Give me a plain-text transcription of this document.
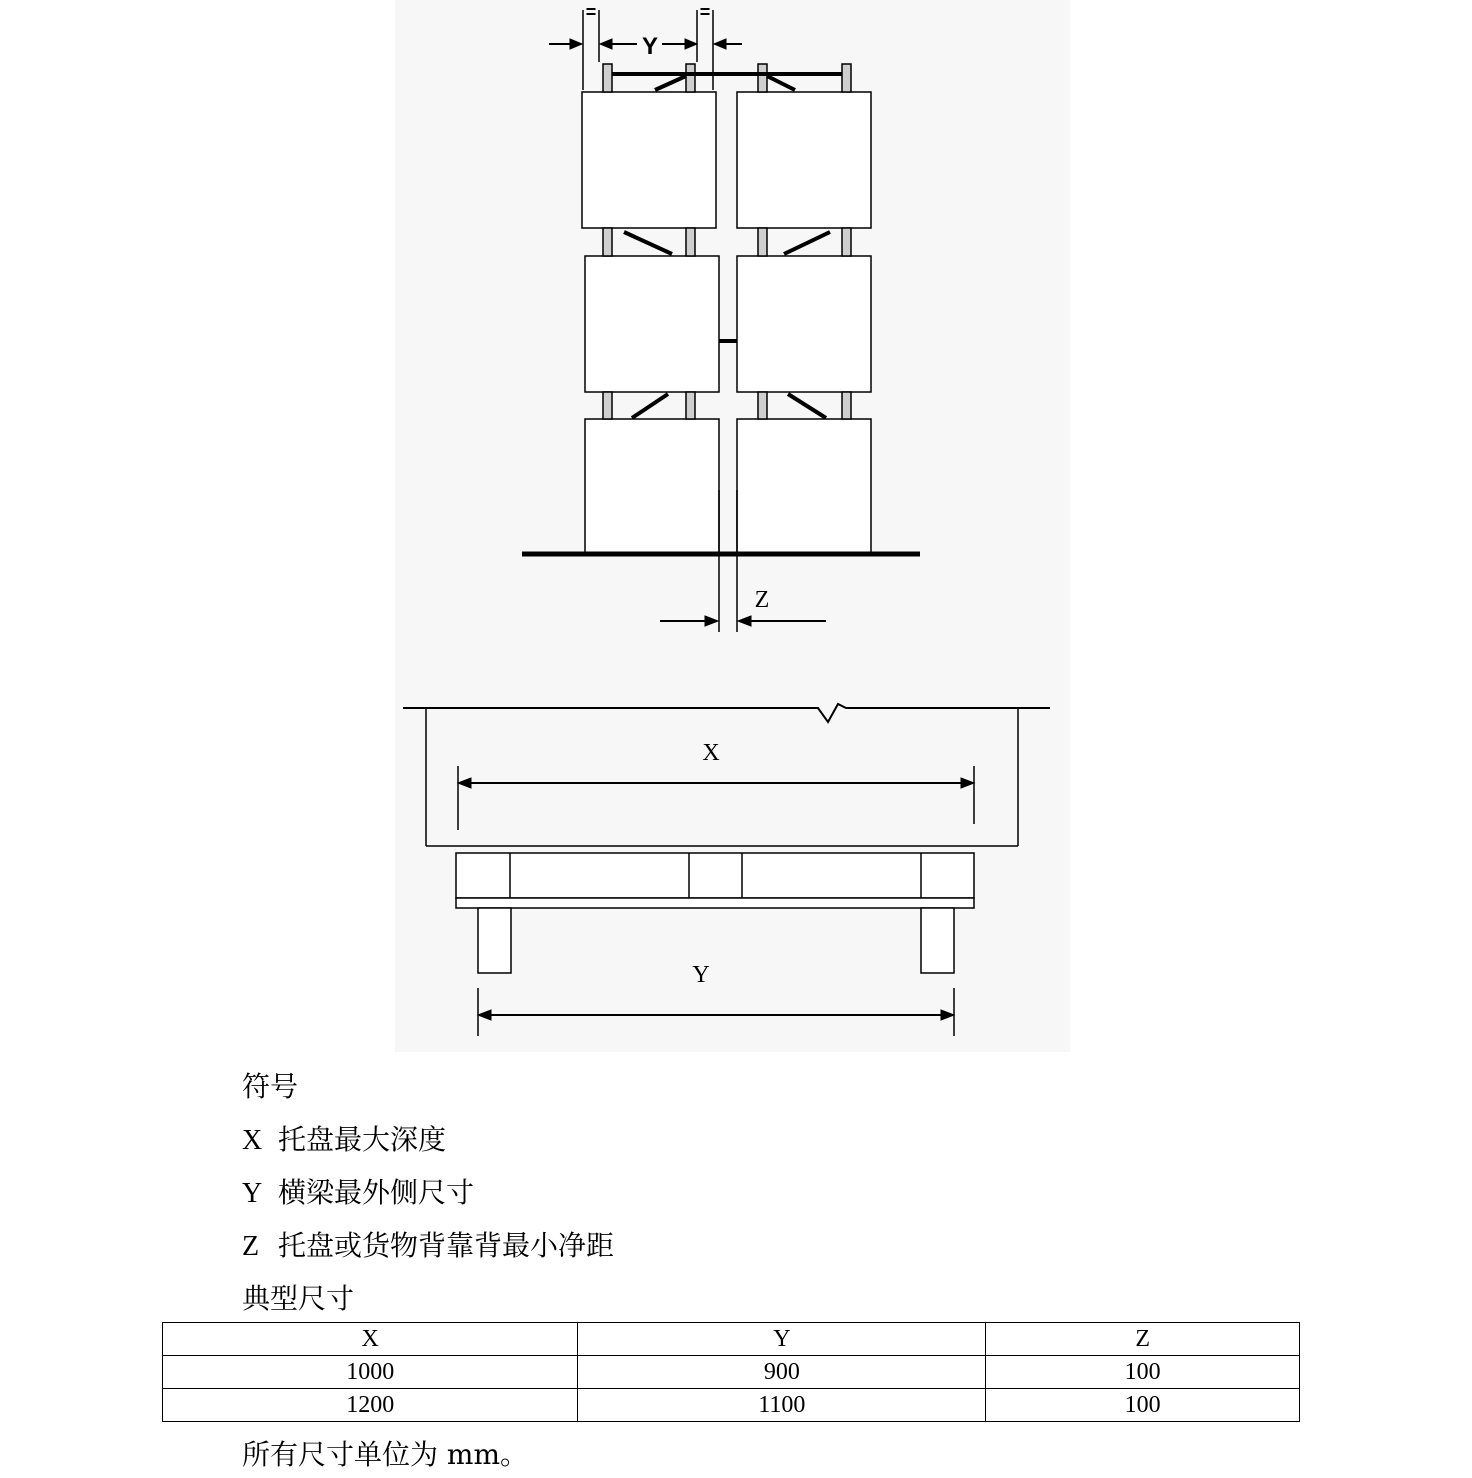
=	=
Y
Z
X
Y
符号
X 托盘最大深度
Y 横梁最外侧尺寸
Z 托盘或货物背靠背最小净距
典型尺寸
X	Y	Z
1000	900	100
1200	1100	100
所有尺寸单位为 mm。
